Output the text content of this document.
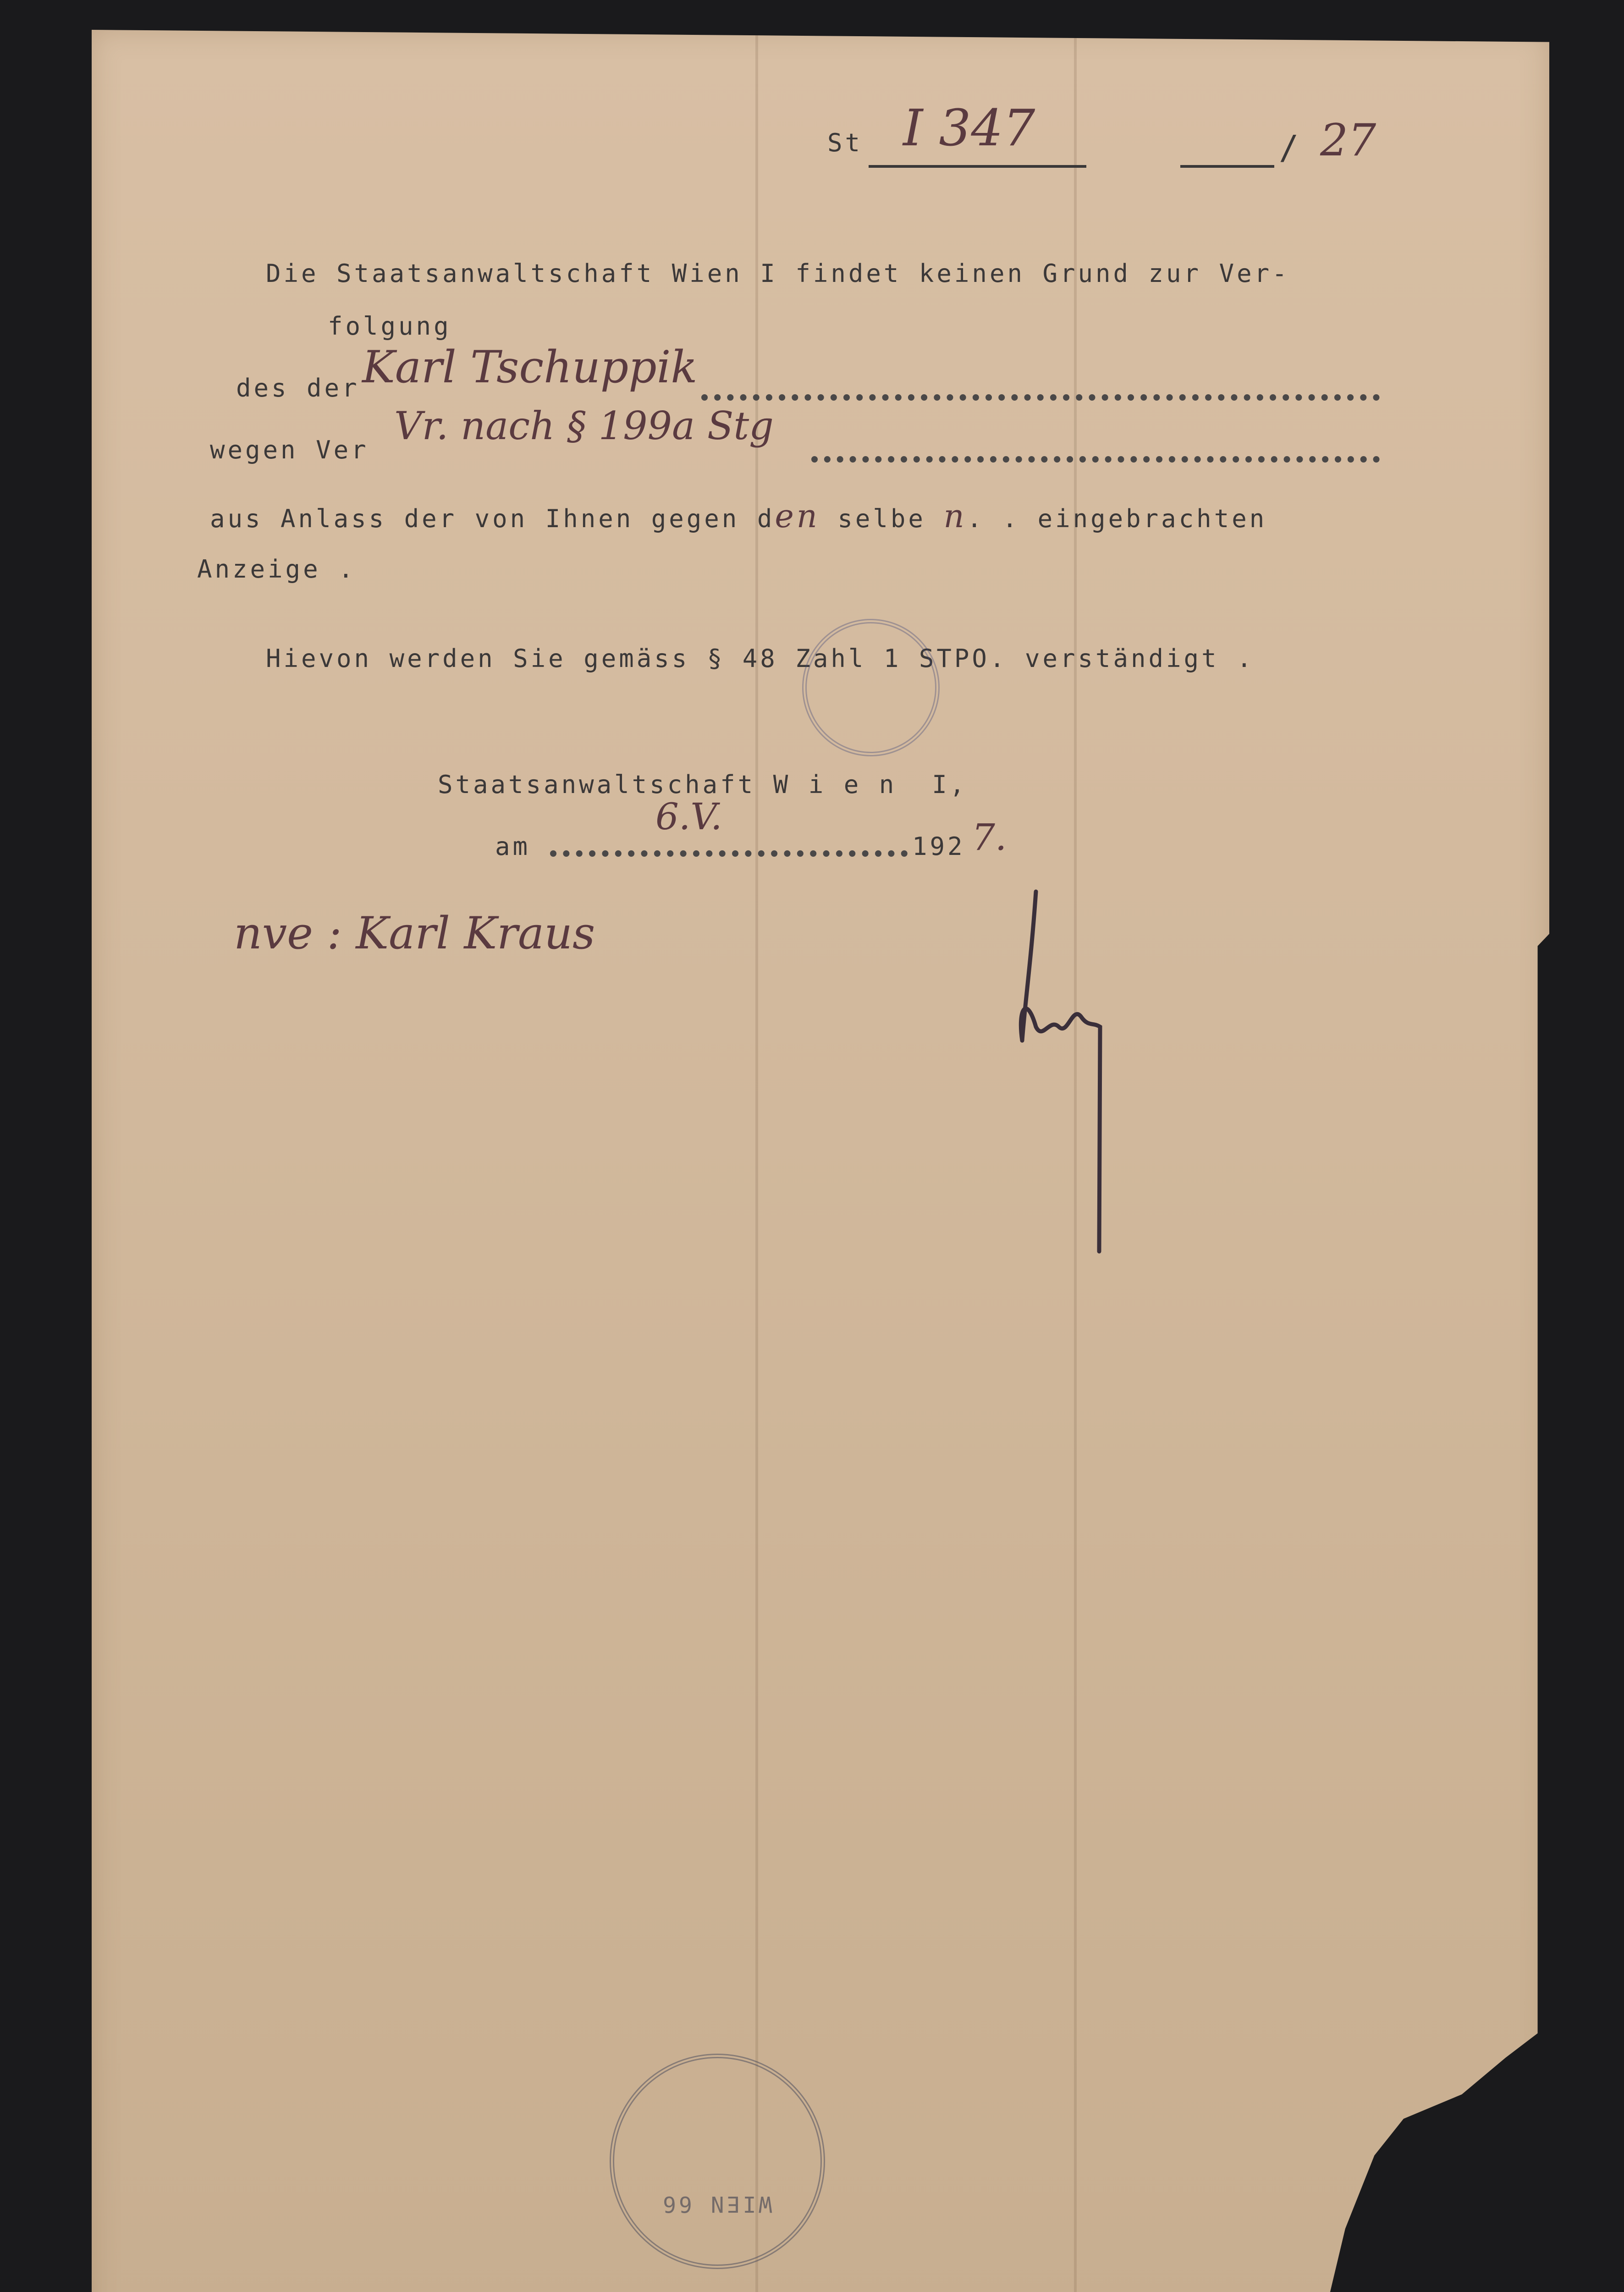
St I 347	/ 27
Die Staatsanwaltschaft Wien I findet keinen Grund zur Ver-
folgung
des der Karl Tschuppik
wegen Ver
Vr. nach § 199a Stg
aus Anlass der von Ihnen gegen den selbe n. . eingebrachten
Anzeige .
Hievon werden Sie gemäss § 48 Zahl 1 STPO. verständigt .
Staatsanwaltschaft W i e n  I,
am
6.V.
192 7.
nve : Karl Kraus
WIEN 66
